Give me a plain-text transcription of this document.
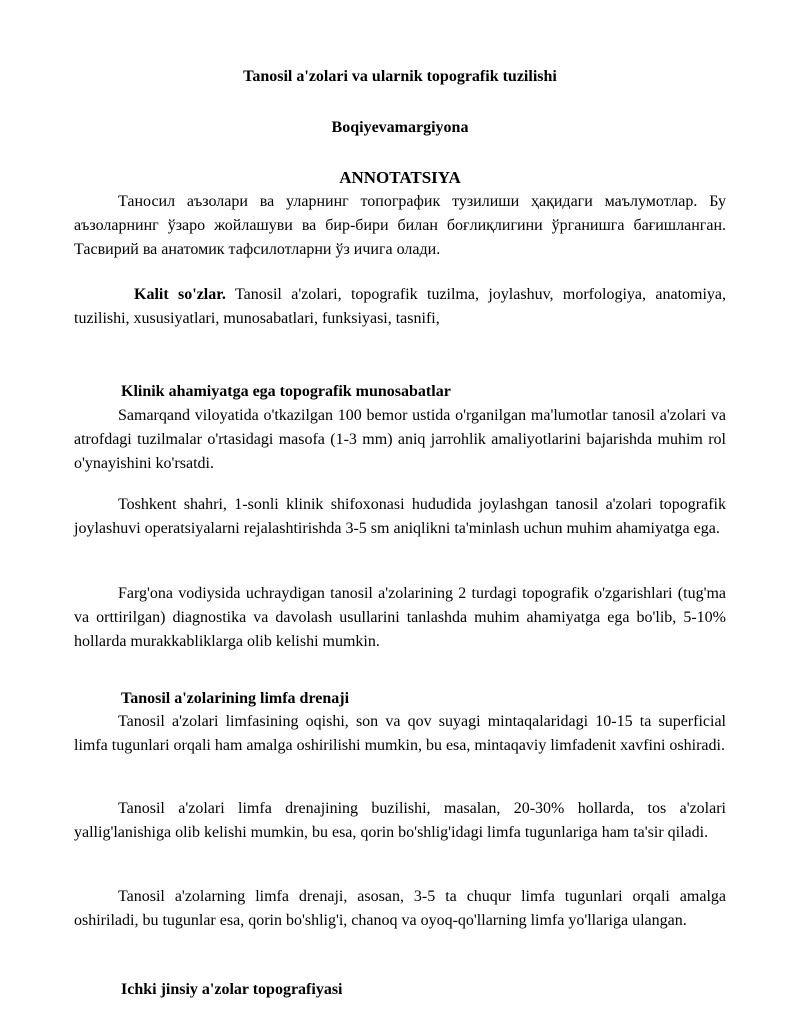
Tanosil a'zolari va ularnik topografik tuzilishi
Boqiyevamargiyona
ANNOTATSIYA
Таносил аъзолари ва уларнинг топографик тузилиши ҳақидаги маълумотлар. Бу аъзоларнинг ўзаро жойлашуви ва бир-бири билан боғлиқлигини ўрганишга бағишланган. Тасвирий ва анатомик тафсилотларни ўз ичига олади.
Kalit so'zlar. Tanosil a'zolari, topografik tuzilma, joylashuv, morfologiya, anatomiya, tuzilishi, xususiyatlari, munosabatlari, funksiyasi, tasnifi,
Klinik ahamiyatga ega topografik munosabatlar
Samarqand viloyatida o'tkazilgan 100 bemor ustida o'rganilgan ma'lumotlar tanosil a'zolari va atrofdagi tuzilmalar o'rtasidagi masofa (1-3 mm) aniq jarrohlik amaliyotlarini bajarishda muhim rol o'ynayishini ko'rsatdi.
Toshkent shahri, 1-sonli klinik shifoxonasi hududida joylashgan tanosil a'zolari topografik joylashuvi operatsiyalarni rejalashtirishda 3-5 sm aniqlikni ta'minlash uchun muhim ahamiyatga ega.
Farg'ona vodiysida uchraydigan tanosil a'zolarining 2 turdagi topografik o'zgarishlari (tug'ma va orttirilgan) diagnostika va davolash usullarini tanlashda muhim ahamiyatga ega bo'lib, 5-10% hollarda murakkabliklarga olib kelishi mumkin.
Tanosil a'zolarining limfa drenaji
Tanosil a'zolari limfasining oqishi, son va qov suyagi mintaqalaridagi 10-15 ta superficial limfa tugunlari orqali ham amalga oshirilishi mumkin, bu esa, mintaqaviy limfadenit xavfini oshiradi.
Tanosil a'zolari limfa drenajining buzilishi, masalan, 20-30% hollarda, tos a'zolari yallig'lanishiga olib kelishi mumkin, bu esa, qorin bo'shlig'idagi limfa tugunlariga ham ta'sir qiladi.
Tanosil a'zolarning limfa drenaji, asosan, 3-5 ta chuqur limfa tugunlari orqali amalga oshiriladi, bu tugunlar esa, qorin bo'shlig'i, chanoq va oyoq-qo'llarning limfa yo'llariga ulangan.
Ichki jinsiy a'zolar topografiyasi
